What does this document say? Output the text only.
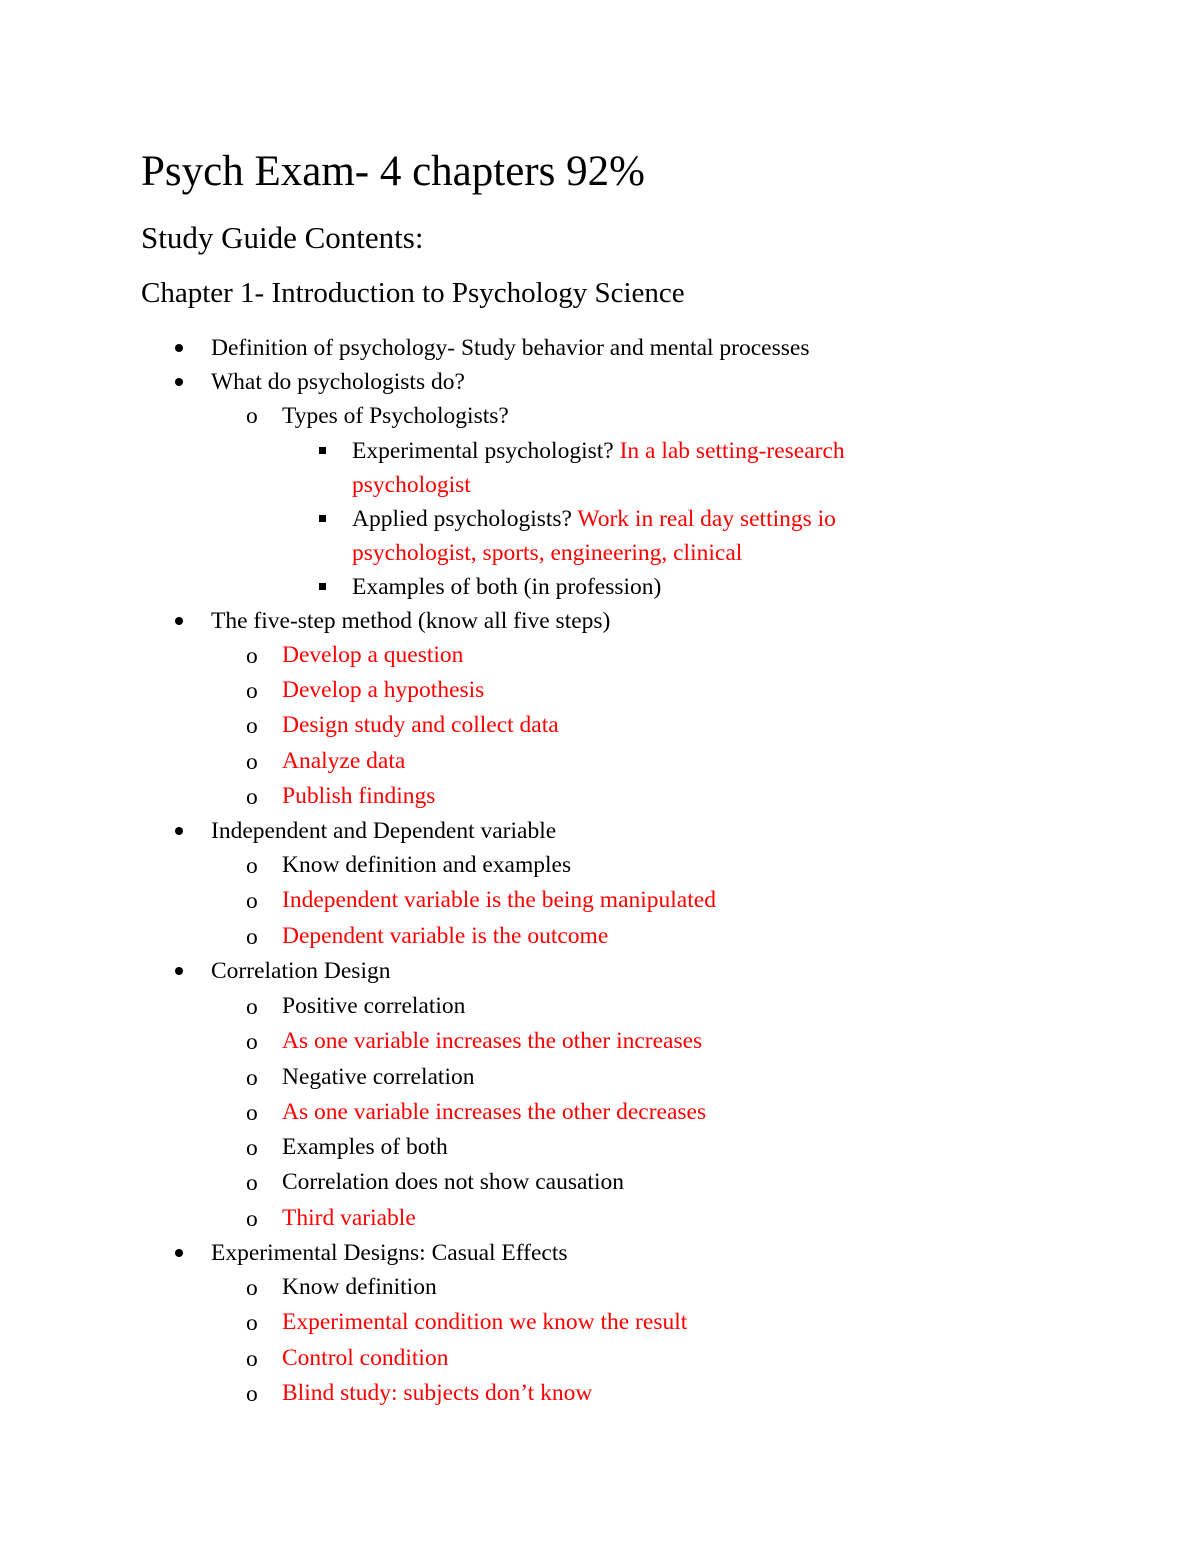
Psych Exam- 4 chapters 92%
Study Guide Contents:
Chapter 1- Introduction to Psychology Science
Definition of psychology- Study behavior and mental processes
What do psychologists do?
o Types of Psychologists?
Experimental psychologist? In a lab setting-research
psychologist
Applied psychologists? Work in real day settings io
psychologist, sports, engineering, clinical
Examples of both (in profession)
The five-step method (know all five steps)
o Develop a question
o Develop a hypothesis
o Design study and collect data
o Analyze data
o Publish findings
Independent and Dependent variable
o Know definition and examples
o Independent variable is the being manipulated
o Dependent variable is the outcome
Correlation Design
o Positive correlation
o As one variable increases the other increases
o Negative correlation
o As one variable increases the other decreases
o Examples of both
o Correlation does not show causation
o Third variable
Experimental Designs: Casual Effects
o Know definition
o Experimental condition we know the result
o Control condition
o Blind study: subjects don’t know
